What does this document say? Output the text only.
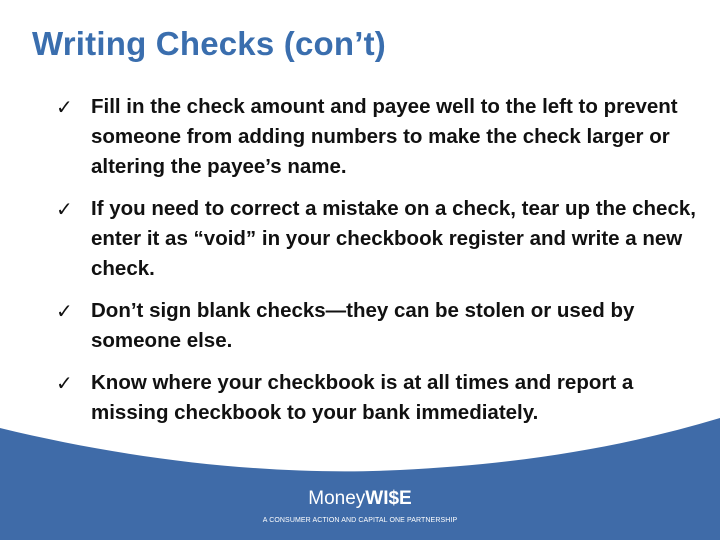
Writing Checks (con’t)
✓ Fill in the check amount and payee well to the left to prevent someone from adding numbers to make the check larger or altering the payee’s name.
✓ If you need to correct a mistake on a check, tear up the check, enter it as “void” in your checkbook register and write a new check.
✓ Don’t sign blank checks—they can be stolen or used by someone else.
✓ Know where your checkbook is at all times and report a missing checkbook to your bank immediately.
MoneyWI$E
A CONSUMER ACTION AND CAPITAL ONE PARTNERSHIP
